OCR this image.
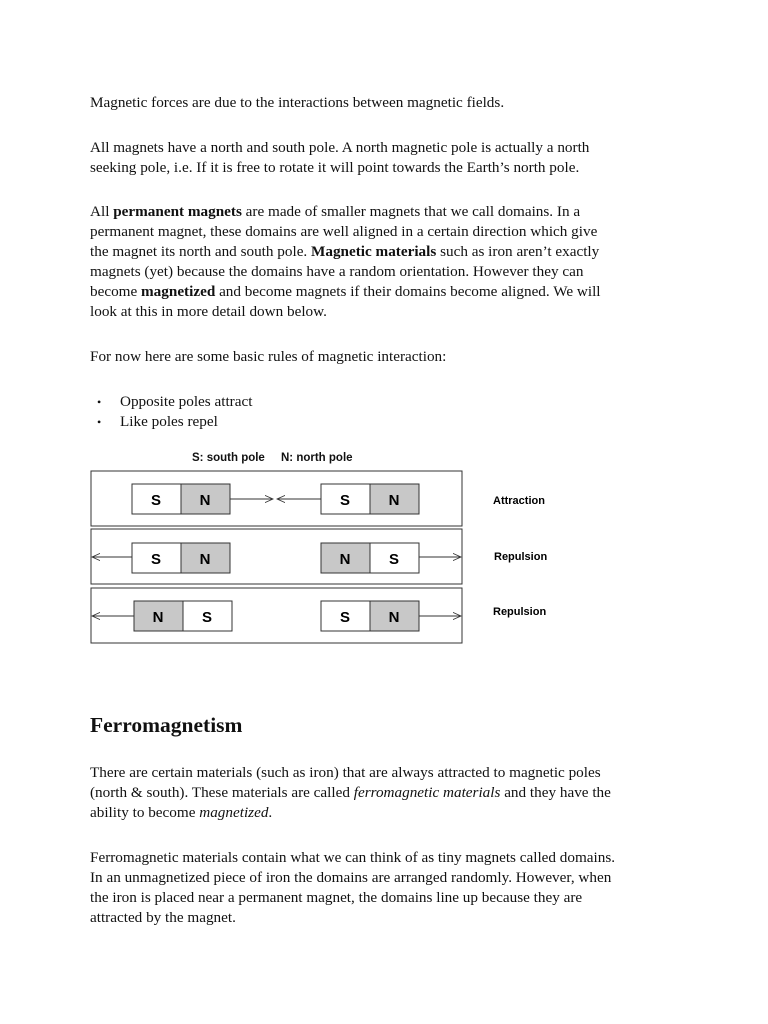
Magnetic forces are due to the interactions between magnetic fields.

All magnets have a north and south pole. A north magnetic pole is actually a north
seeking pole, i.e. If it is free to rotate it will point towards the Earth’s north pole.

All permanent magnets are made of smaller magnets that we call domains. In a
permanent magnet, these domains are well aligned in a certain direction which give
the magnet its north and south pole. Magnetic materials such as iron aren’t exactly
magnets (yet) because the domains have a random orientation. However they can
become magnetized and become magnets if their domains become aligned. We will
look at this in more detail down below.

For now here are some basic rules of magnetic interaction:

• Opposite poles attract
• Like poles repel
S: south pole N: north pole
S	N	S	N	Attraction
S	N	N	S	Repulsion
N	S	S	N	Repulsion
Ferromagnetism

There are certain materials (such as iron) that are always attracted to magnetic poles
(north & south). These materials are called ferromagnetic materials and they have the
ability to become magnetized.

Ferromagnetic materials contain what we can think of as tiny magnets called domains.
In an unmagnetized piece of iron the domains are arranged randomly. However, when
the iron is placed near a permanent magnet, the domains line up because they are
attracted by the magnet.
